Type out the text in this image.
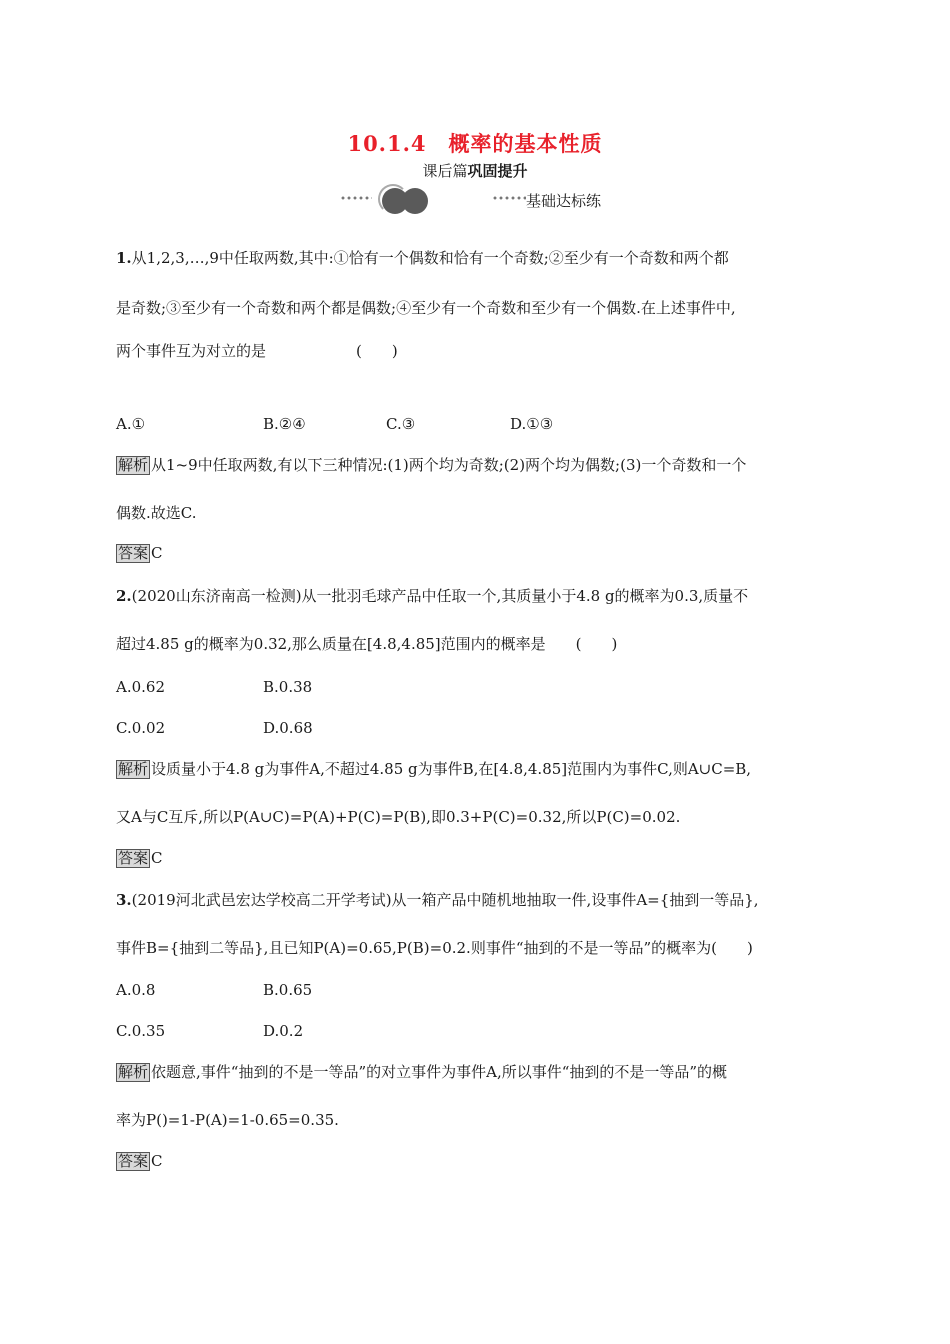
10.1.4　概率的基本性质
课后篇巩固提升
基础达标练
1.从1,2,3,…,9中任取两数,其中:①恰有一个偶数和恰有一个奇数;②至少有一个奇数和两个都
是奇数;③至少有一个奇数和两个都是偶数;④至少有一个奇数和至少有一个偶数.在上述事件中,
两个事件互为对立的是　　　　　　(　　)
A.①	B.②④	C.③	D.①③
解析 从1~9中任取两数,有以下三种情况:(1)两个均为奇数;(2)两个均为偶数;(3)一个奇数和一个
偶数.故选C.
答案 C
2.(2020山东济南高一检测)从一批羽毛球产品中任取一个,其质量小于4.8 g的概率为0.3,质量不
超过4.85 g的概率为0.32,那么质量在[4.8,4.85]范围内的概率是　　(　　)
A.0.62	B.0.38
C.0.02	D.0.68
解析 设质量小于4.8 g为事件A,不超过4.85 g为事件B,在[4.8,4.85]范围内为事件C,则A∪C=B,
又A与C互斥,所以P(A∪C)=P(A)+P(C)=P(B),即0.3+P(C)=0.32,所以P(C)=0.02.
答案 C
3.(2019河北武邑宏达学校高二开学考试)从一箱产品中随机地抽取一件,设事件A={抽到一等品},
事件B={抽到二等品},且已知P(A)=0.65,P(B)=0.2.则事件“抽到的不是一等品”的概率为(　　)
A.0.8	B.0.65
C.0.35	D.0.2
解析 依题意,事件“抽到的不是一等品”的对立事件为事件A,所以事件“抽到的不是一等品”的概
率为P()=1-P(A)=1-0.65=0.35.
答案 C
